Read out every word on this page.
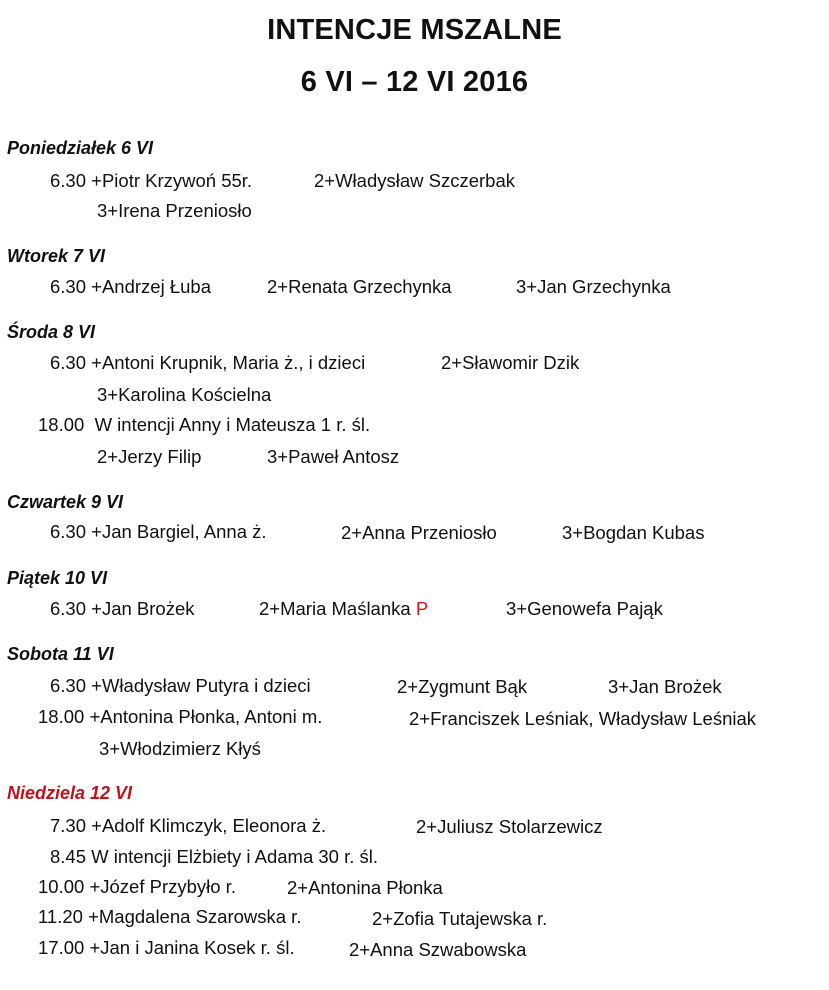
INTENCJE MSZALNE
6 VI – 12 VI 2016
Poniedziałek 6 VI
6.30 +Piotr Krzywoń 55r.	2+Władysław Szczerbak
3+Irena Przeniosło
Wtorek 7 VI
6.30 +Andrzej Łuba	2+Renata Grzechynka	3+Jan Grzechynka
Środa 8 VI
6.30 +Antoni Krupnik, Maria ż., i dzieci	2+Sławomir Dzik
3+Karolina Kościelna
18.00 W intencji Anny i Mateusza 1 r. śl.
2+Jerzy Filip	3+Paweł Antosz
Czwartek 9 VI
6.30 +Jan Bargiel, Anna ż.	2+Anna Przeniosło	3+Bogdan Kubas
Piątek 10 VI
6.30 +Jan Brożek	2+Maria Maślanka P	3+Genowefa Pająk
Sobota 11 VI
6.30 +Władysław Putyra i dzieci	2+Zygmunt Bąk	3+Jan Brożek
18.00 +Antonina Płonka, Antoni m.	2+Franciszek Leśniak, Władysław Leśniak
3+Włodzimierz Kłyś
Niedziela 12 VI
7.30 +Adolf Klimczyk, Eleonora ż.	2+Juliusz Stolarzewicz
8.45 W intencji Elżbiety i Adama 30 r. śl.
10.00 +Józef Przybyło r.	2+Antonina Płonka
11.20 +Magdalena Szarowska r.	2+Zofia Tutajewska r.
17.00 +Jan i Janina Kosek r. śl.	2+Anna Szwabowska
